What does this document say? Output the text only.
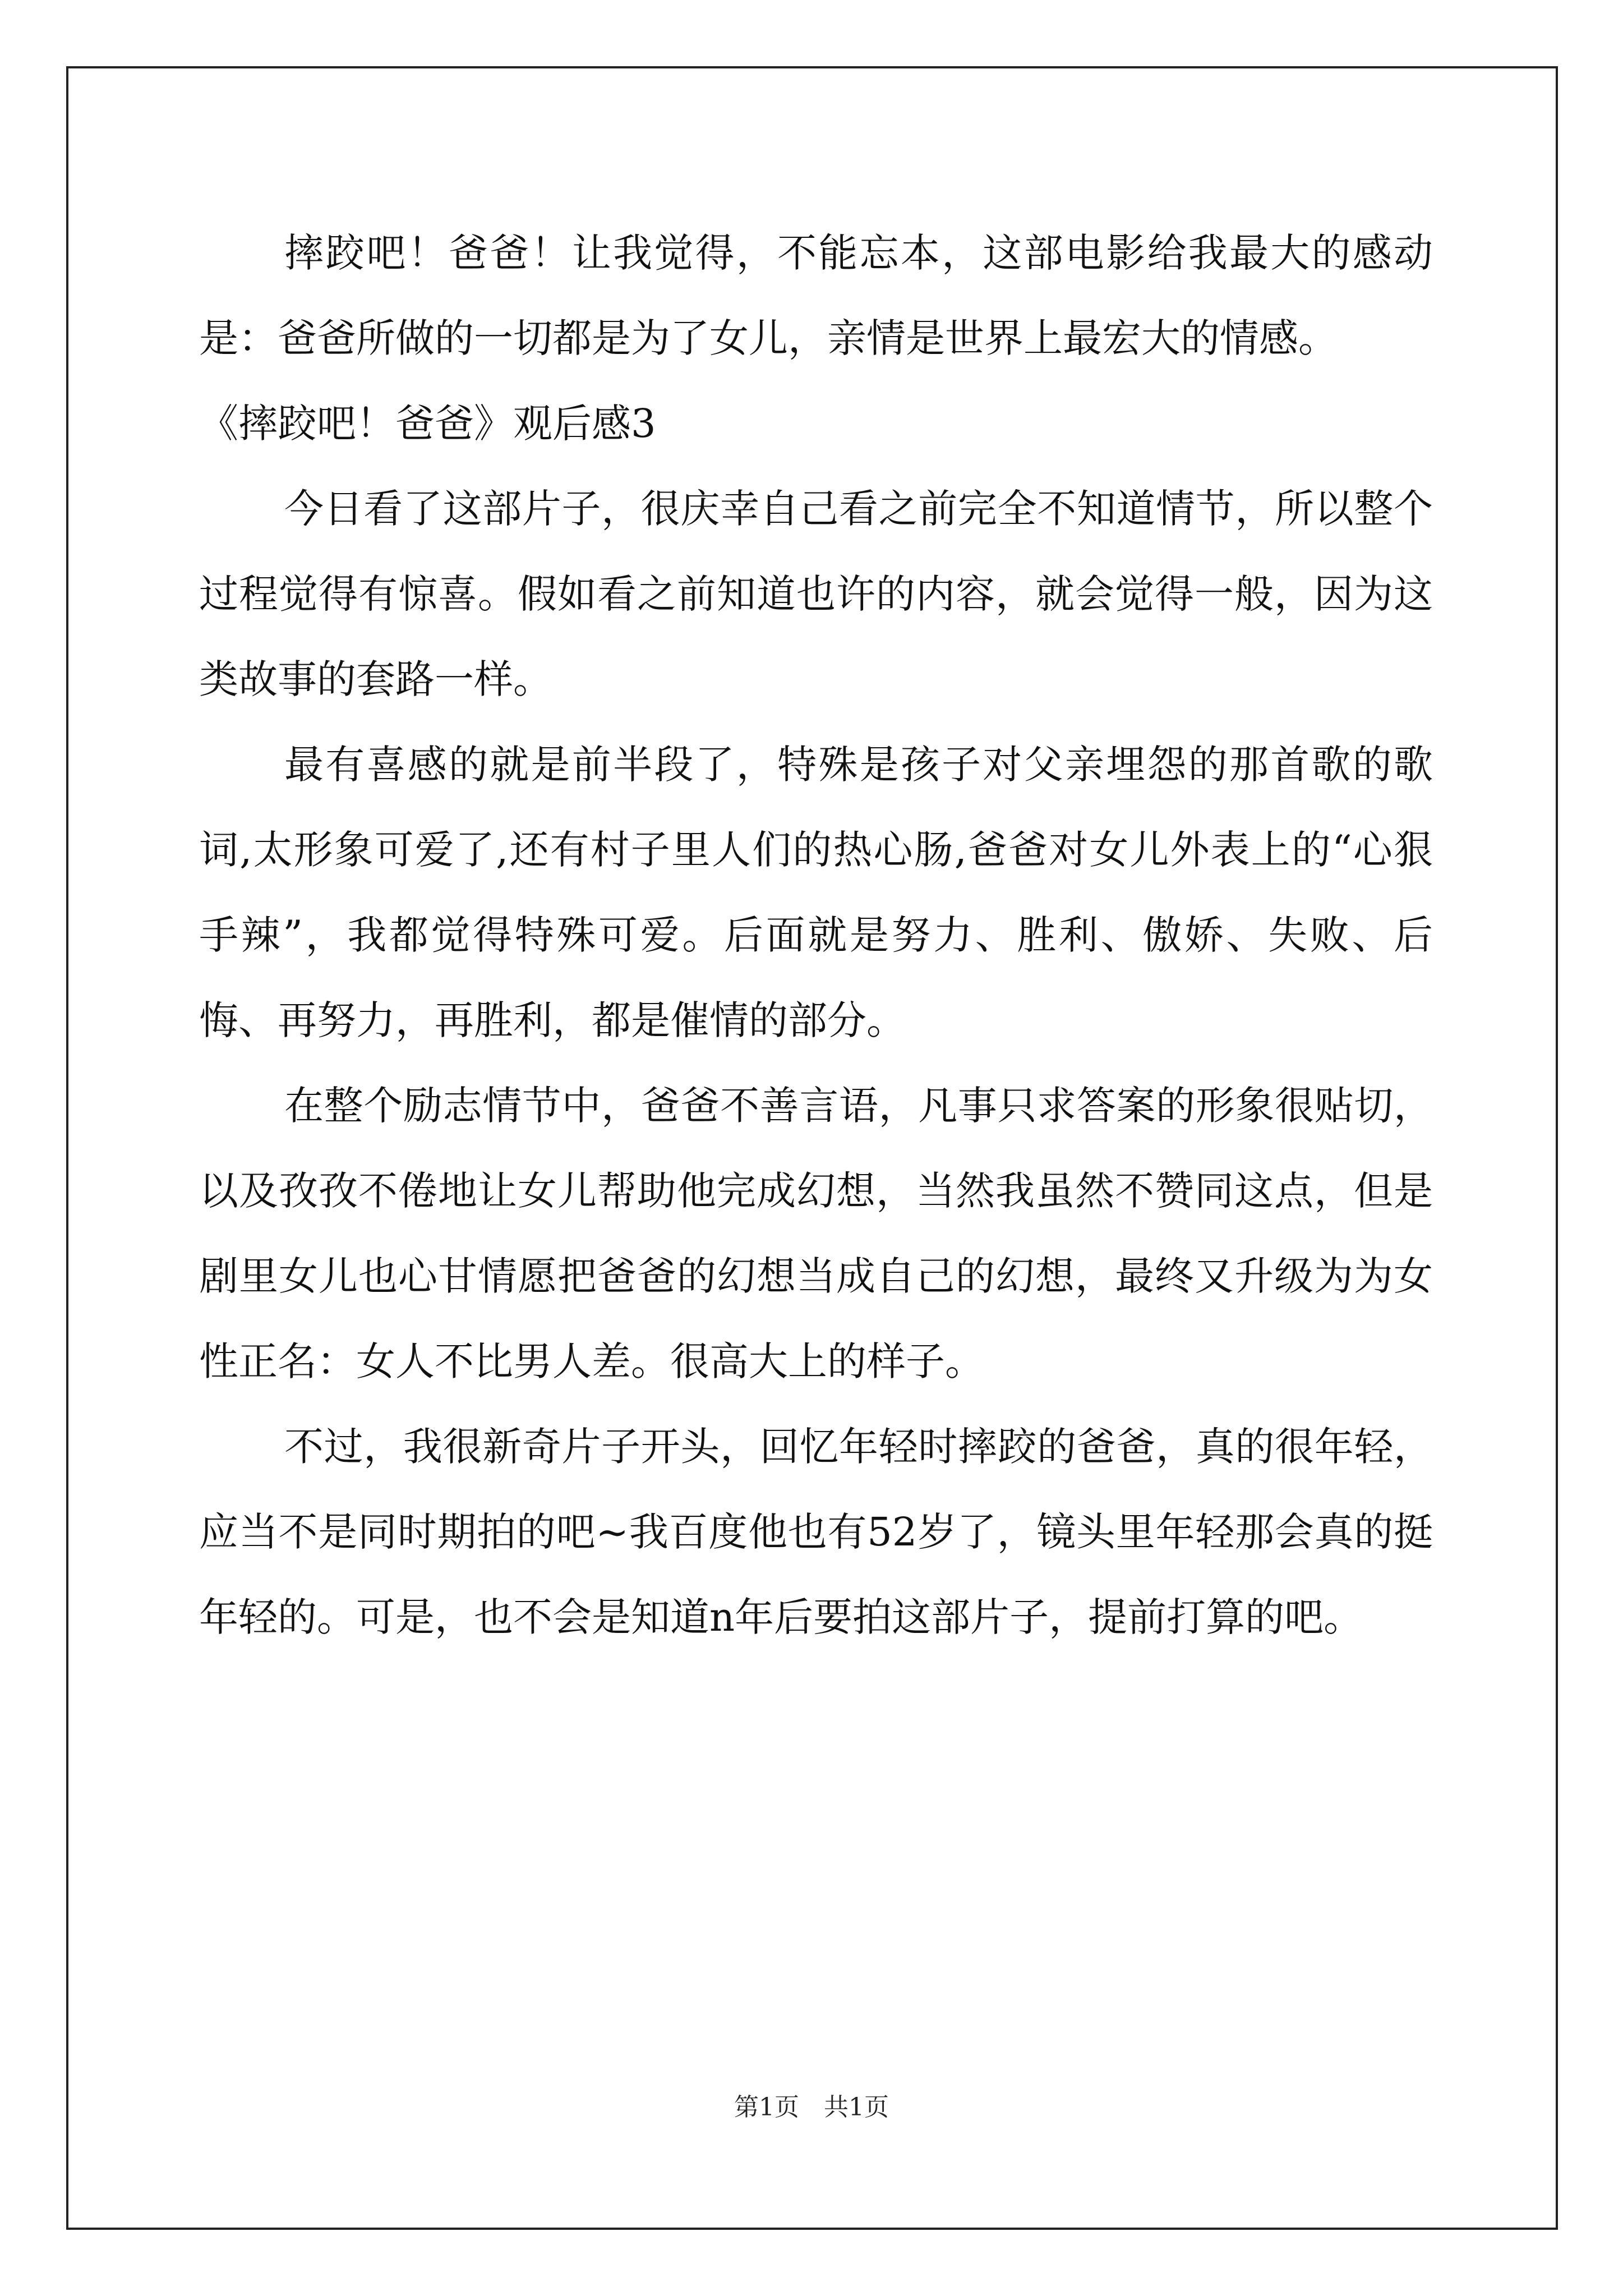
摔跤吧！爸爸！让我觉得，不能忘本，这部电影给我最大的感动是：爸爸所做的一切都是为了女儿，亲情是世界上最宏大的情感。

《摔跤吧！爸爸》观后感3

今日看了这部片子，很庆幸自己看之前完全不知道情节，所以整个过程觉得有惊喜。假如看之前知道也许的内容，就会觉得一般，因为这类故事的套路一样。

最有喜感的就是前半段了，特殊是孩子对父亲埋怨的那首歌的歌词,太形象可爱了,还有村子里人们的热心肠,爸爸对女儿外表上的“心狠手辣”，我都觉得特殊可爱。后面就是努力、胜利、傲娇、失败、后悔、再努力，再胜利，都是催情的部分。

在整个励志情节中，爸爸不善言语，凡事只求答案的形象很贴切，以及孜孜不倦地让女儿帮助他完成幻想，当然我虽然不赞同这点，但是剧里女儿也心甘情愿把爸爸的幻想当成自己的幻想，最终又升级为为女性正名：女人不比男人差。很高大上的样子。

不过，我很新奇片子开头，回忆年轻时摔跤的爸爸，真的很年轻，应当不是同时期拍的吧~我百度他也有52岁了，镜头里年轻那会真的挺年轻的。可是，也不会是知道n年后要拍这部片子，提前打算的吧。

第1页　共1页
